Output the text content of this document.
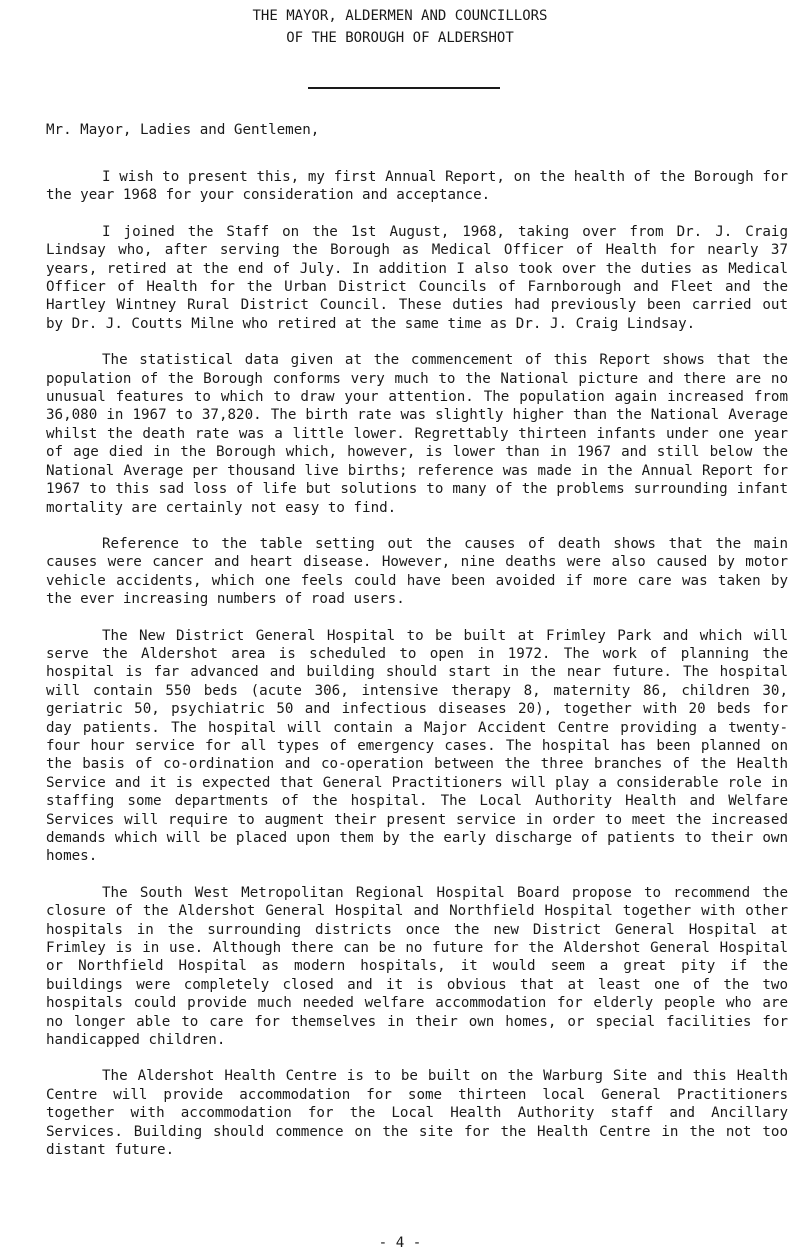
THE MAYOR, ALDERMEN AND COUNCILLORS
OF THE BOROUGH OF ALDERSHOT
Mr. Mayor, Ladies and Gentlemen,

I wish to present this, my first Annual Report, on the health of the Borough for the year 1968 for your consideration and acceptance.

I joined the Staff on the 1st August, 1968, taking over from Dr. J. Craig Lindsay who, after serving the Borough as Medical Officer of Health for nearly 37 years, retired at the end of July. In addition I also took over the duties as Medical Officer of Health for the Urban District Councils of Farnborough and Fleet and the Hartley Wintney Rural District Council. These duties had previously been carried out by Dr. J. Coutts Milne who retired at the same time as Dr. J. Craig Lindsay.

The statistical data given at the commencement of this Report shows that the population of the Borough conforms very much to the National picture and there are no unusual features to which to draw your attention. The population again increased from 36,080 in 1967 to 37,820. The birth rate was slightly higher than the National Average whilst the death rate was a little lower. Regrettably thirteen infants under one year of age died in the Borough which, however, is lower than in 1967 and still below the National Average per thousand live births; reference was made in the Annual Report for 1967 to this sad loss of life but solutions to many of the problems surrounding infant mortality are certainly not easy to find.

Reference to the table setting out the causes of death shows that the main causes were cancer and heart disease. However, nine deaths were also caused by motor vehicle accidents, which one feels could have been avoided if more care was taken by the ever increasing numbers of road users.

The New District General Hospital to be built at Frimley Park and which will serve the Aldershot area is scheduled to open in 1972. The work of planning the hospital is far advanced and building should start in the near future. The hospital will contain 550 beds (acute 306, intensive therapy 8, maternity 86, children 30, geriatric 50, psychiatric 50 and infectious diseases 20), together with 20 beds for day patients. The hospital will contain a Major Accident Centre providing a twenty-four hour service for all types of emergency cases. The hospital has been planned on the basis of co-ordination and co-operation between the three branches of the Health Service and it is expected that General Practitioners will play a considerable role in staffing some departments of the hospital. The Local Authority Health and Welfare Services will require to augment their present service in order to meet the increased demands which will be placed upon them by the early discharge of patients to their own homes.

The South West Metropolitan Regional Hospital Board propose to recommend the closure of the Aldershot General Hospital and Northfield Hospital together with other hospitals in the surrounding districts once the new District General Hospital at Frimley is in use. Although there can be no future for the Aldershot General Hospital or Northfield Hospital as modern hospitals, it would seem a great pity if the buildings were completely closed and it is obvious that at least one of the two hospitals could provide much needed welfare accommodation for elderly people who are no longer able to care for themselves in their own homes, or special facilities for handicapped children.

The Aldershot Health Centre is to be built on the Warburg Site and this Health Centre will provide accommodation for some thirteen local General Practitioners together with accommodation for the Local Health Authority staff and Ancillary Services. Building should commence on the site for the Health Centre in the not too distant future.

- 4 -
